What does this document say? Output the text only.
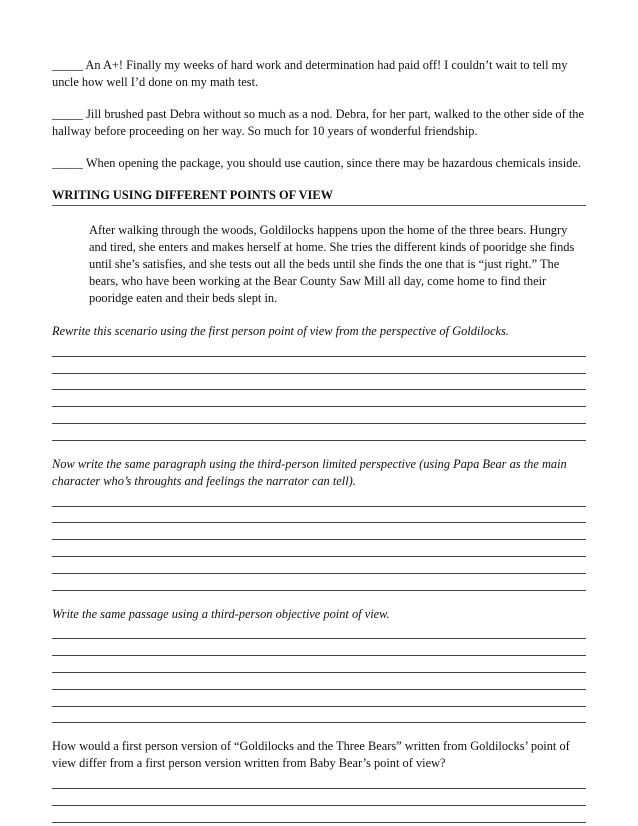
_____ An A+! Finally my weeks of hard work and determination had paid off! I couldn’t wait to tell my uncle how well I’d done on my math test.

_____ Jill brushed past Debra without so much as a nod. Debra, for her part, walked to the other side of the hallway before proceeding on her way. So much for 10 years of wonderful friendship.

_____ When opening the package, you should use caution, since there may be hazardous chemicals inside.

WRITING USING DIFFERENT POINTS OF VIEW

After walking through the woods, Goldilocks happens upon the home of the three bears. Hungry and tired, she enters and makes herself at home. She tries the different kinds of pooridge she finds until she’s satisfies, and she tests out all the beds until she finds the one that is “just right.” The bears, who have been working at the Bear County Saw Mill all day, come home to find their pooridge eaten and their beds slept in.

Rewrite this scenario using the first person point of view from the perspective of Goldilocks.

Now write the same paragraph using the third-person limited perspective (using Papa Bear as the main character who’s throughts and feelings the narrator can tell).

Write the same passage using a third-person objective point of view.

How would a first person version of “Goldilocks and the Three Bears” written from Goldilocks’ point of view differ from a first person version written from Baby Bear’s point of view?
